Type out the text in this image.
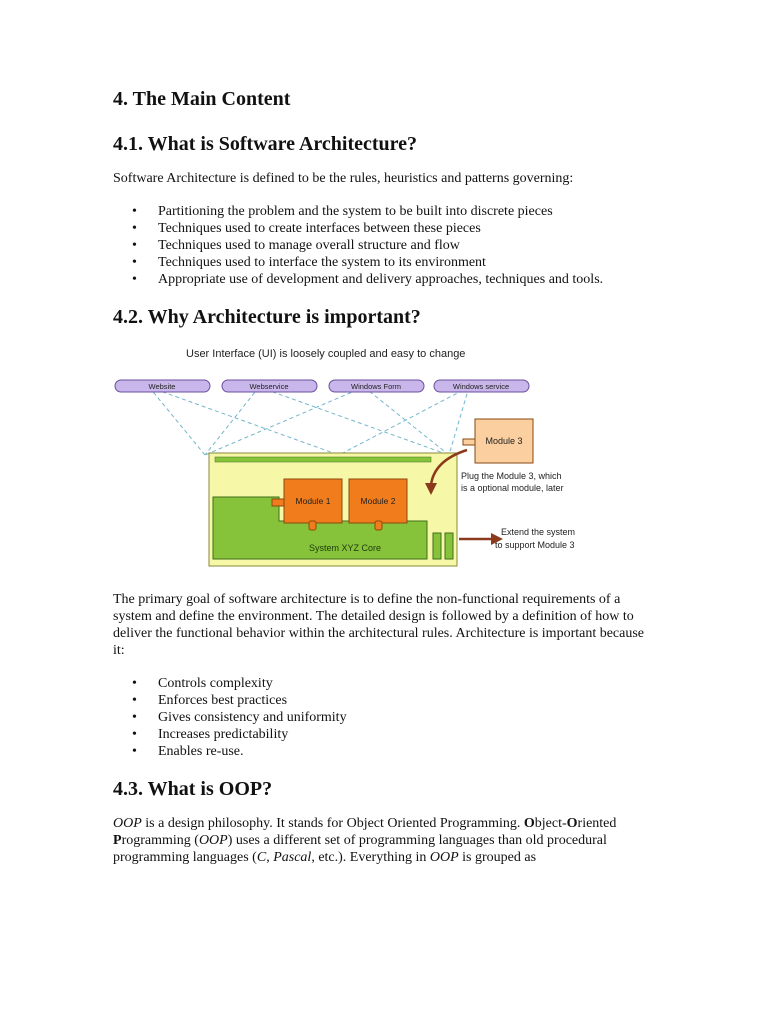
4. The Main Content
4.1. What is Software Architecture?

Software Architecture is defined to be the rules, heuristics and patterns governing:

• Partitioning the problem and the system to be built into discrete pieces
• Techniques used to create interfaces between these pieces
• Techniques used to manage overall structure and flow
• Techniques used to interface the system to its environment
• Appropriate use of development and delivery approaches, techniques and tools.
4.2. Why Architecture is important?
User Interface (UI) is loosely coupled and easy to change
Website	Webservice	Windows Form	Windows service
System XYZ Core
Module 1	Module 2
Module 3
Plug the Module 3, which
is a optional module, later
Extend the system
to support Module 3

The primary goal of software architecture is to define the non-functional requirements of a system and define the environment. The detailed design is followed by a definition of how to deliver the functional behavior within the architectural rules. Architecture is important because it:

• Controls complexity
• Enforces best practices
• Gives consistency and uniformity
• Increases predictability
• Enables re-use.
4.3. What is OOP?

OOP is a design philosophy. It stands for Object Oriented Programming. Object-Oriented Programming (OOP) uses a different set of programming languages than old procedural programming languages (C, Pascal, etc.). Everything in OOP is grouped as
